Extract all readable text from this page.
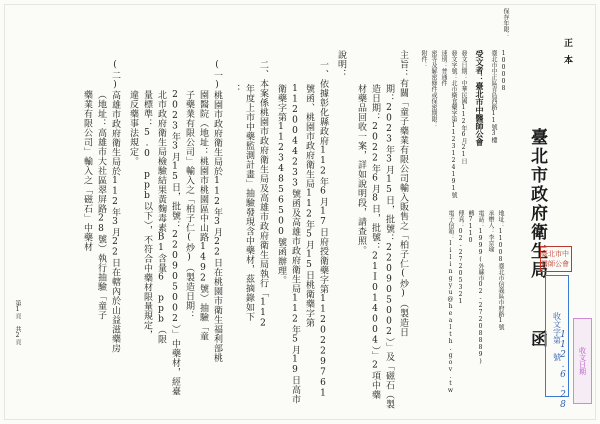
正本
臺北市政府衛生局
函
保存年限：
地址：11008臺北市信義區市府路1號
承辦人：李京瑜
電話：1999(外縣市02-27208889)
轉7110
傳真：02-27205321
電子信箱：lilingyu@health.gov.tw
100008
臺北市中正區青島西路11號3樓
受文者：臺北市中醫師公會
發文日期：中華民國112年6月21日
發文字號：北市衛食藥字第1123124191號
速別：普通件
密等及解密條件或保密期限：
附件：
主旨：有關「童子藥業有限公司輸入販售之「柏子仁(炒)（製造日
期：2023年3月15日，批號：220905002）」及「磁石（製
造日期：2022年6月8日，批號：21I014004）」2項中藥
材藥品回收一案，詳如說明段，請查照。
說明：
一、依據彰化縣政府112年6月17日府授衛藥字第1120229761
號函、桃園市政府衛生局112年5月15日桃衛藥字第
1120044233號函及高雄市政府衛生局112年5月19日高市
衛藥字第11234856500號函辦理。
二、本案係桃園市政府衛生局及高雄市政府衛生局執行「112
年度上市中藥監測計畫」抽驗發現含中藥材，茲摘錄如下
：
(一)桃園市政府衛生局於112年3月22日在桃園市衛生福利部桃
園醫院（地址：桃園市桃園區中山路1492號）抽驗「童
子藥業有限公司」輸入之「柏子仁(炒)（製造日期：
2023年3月15日，批號：220905002）」中藥材，經臺
北市政府衛生局檢驗結果黃麴毒素B1含量6 ppb（限
量標準：5.0 ppb以下），不符合中藥材限量規定，
違反藥事法規定。
(二)高雄市政府衛生局於112年3月22日在轄內於山益滋藥房
（地址：高雄市大社區翠屏路28號）執行抽驗「童子
藥業有限公司」輸入之「磁石」中藥材
第1頁 共2頁
臺北市中醫師公會
收文字第 號
112.6.28	收文日期
